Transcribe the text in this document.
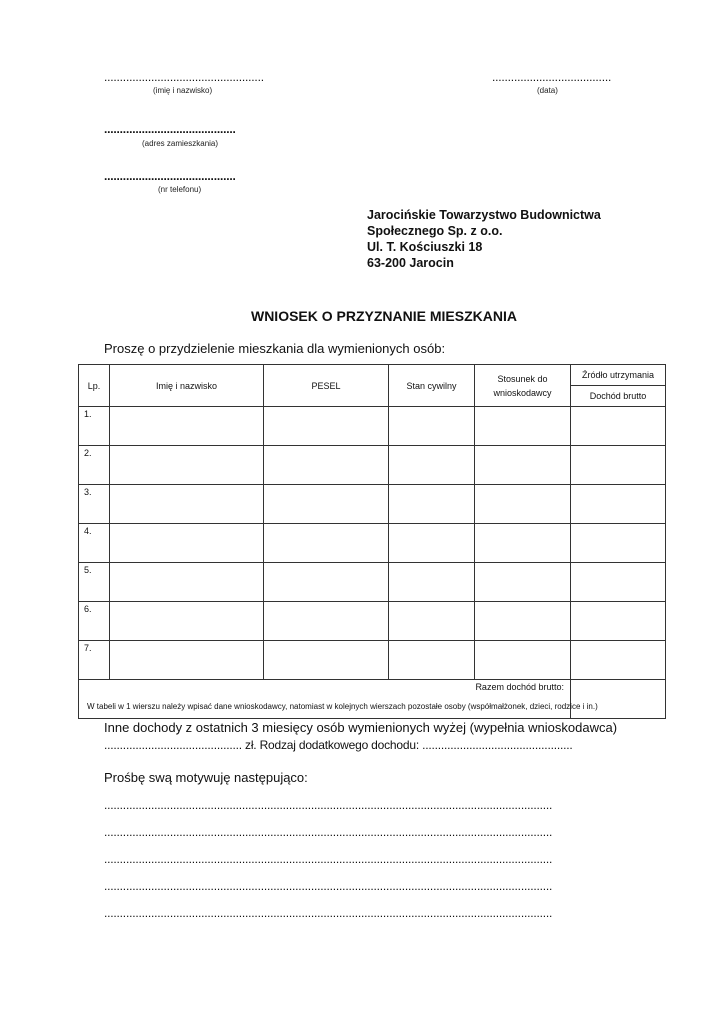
...................................................
(imię i nazwisko)
......................................
(data)
..........................................
(adres zamieszkania)
..........................................
(nr telefonu)
Jarocińskie Towarzystwo Budownictwa
Społecznego Sp. z o.o.
Ul. T. Kościuszki 18
63-200 Jarocin
WNIOSEK O PRZYZNANIE MIESZKANIA
Proszę o przydzielenie mieszkania dla wymienionych osób:
Lp.	Imię i nazwisko	PESEL	Stan cywilny	Stosunek do wnioskodawcy	Źródło utrzymania
					Dochód brutto
1.					
2.					
3.					
4.					
5.					
6.					
7.					
Razem dochód brutto:					
W tabeli w 1 wierszu należy wpisać dane wnioskodawcy, natomiast w kolejnych wierszach pozostałe osoby (współmałżonek, dzieci, rodzice i in.)
Inne dochody z ostatnich 3 miesięcy osób wymienionych wyżej (wypełnia wnioskodawca)
............................................ zł. Rodzaj dodatkowego dochodu: ................................................
Prośbę swą motywuję następująco:
...............................................................................................................................................
...............................................................................................................................................
...............................................................................................................................................
...............................................................................................................................................
...............................................................................................................................................
